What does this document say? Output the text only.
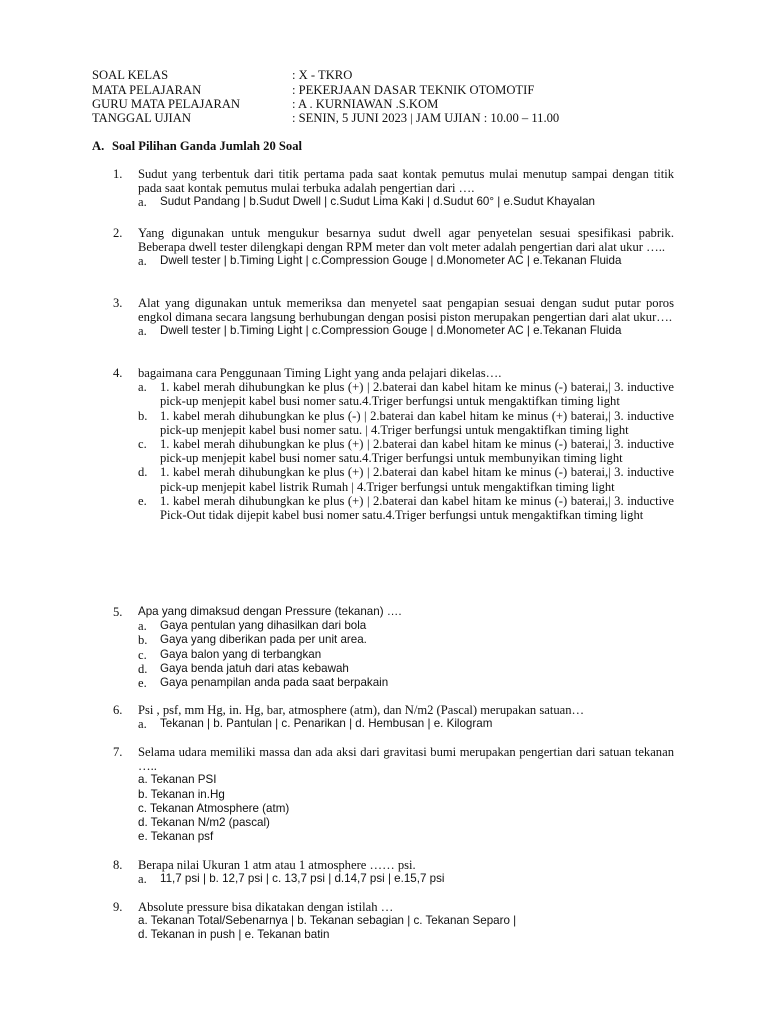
SOAL KELAS	: X - TKRO
MATA PELAJARAN	: PEKERJAAN DASAR TEKNIK OTOMOTIF
GURU MATA PELAJARAN	: A . KURNIAWAN .S.KOM
TANGGAL UJIAN	: SENIN, 5 JUNI 2023 | JAM UJIAN : 10.00 – 11.00
A. Soal Pilihan Ganda Jumlah 20 Soal
1.	Sudut yang terbentuk dari titik pertama pada saat kontak pemutus mulai menutup sampai dengan titik pada saat kontak pemutus mulai terbuka adalah pengertian dari ….
a. Sudut Pandang | b.Sudut Dwell | c.Sudut Lima Kaki | d.Sudut 60° | e.Sudut Khayalan
2.	Yang digunakan untuk mengukur besarnya sudut dwell agar penyetelan sesuai spesifikasi pabrik. Beberapa dwell tester dilengkapi dengan RPM meter dan volt meter adalah pengertian dari alat ukur …..
a. Dwell tester | b.Timing Light | c.Compression Gouge | d.Monometer AC | e.Tekanan Fluida
3.	Alat yang digunakan untuk memeriksa dan menyetel saat pengapian sesuai dengan sudut putar poros engkol dimana secara langsung berhubungan dengan posisi piston merupakan pengertian dari alat ukur….
a. Dwell tester | b.Timing Light | c.Compression Gouge | d.Monometer AC | e.Tekanan Fluida
4.	bagaimana cara Penggunaan Timing Light yang anda pelajari dikelas….
a. 1. kabel merah dihubungkan ke plus (+) | 2.baterai dan kabel hitam ke minus (-) baterai,| 3. inductive pick-up menjepit kabel busi nomer satu.4.Triger berfungsi untuk mengaktifkan timing light
b. 1. kabel merah dihubungkan ke plus (-) | 2.baterai dan kabel hitam ke minus (+) baterai,| 3. inductive pick-up menjepit kabel busi nomer satu. | 4.Triger berfungsi untuk mengaktifkan timing light
c. 1. kabel merah dihubungkan ke plus (+) | 2.baterai dan kabel hitam ke minus (-) baterai,| 3. inductive pick-up menjepit kabel busi nomer satu.4.Triger berfungsi untuk membunyikan timing light
d. 1. kabel merah dihubungkan ke plus (+) | 2.baterai dan kabel hitam ke minus (-) baterai,| 3. inductive pick-up menjepit kabel listrik Rumah | 4.Triger berfungsi untuk mengaktifkan timing light
e. 1. kabel merah dihubungkan ke plus (+) | 2.baterai dan kabel hitam ke minus (-) baterai,| 3. inductive Pick-Out tidak dijepit kabel busi nomer satu.4.Triger berfungsi untuk mengaktifkan timing light
5.	Apa yang dimaksud dengan Pressure (tekanan) ….
a. Gaya pentulan yang dihasilkan dari bola
b. Gaya yang diberikan pada per unit area.
c. Gaya balon yang di terbangkan
d. Gaya benda jatuh dari atas kebawah
e. Gaya penampilan anda pada saat berpakain
6.	Psi , psf, mm Hg, in. Hg, bar, atmosphere (atm), dan N/m2 (Pascal) merupakan satuan…
a. Tekanan | b. Pantulan | c. Penarikan | d. Hembusan | e. Kilogram
7.	Selama udara memiliki massa dan ada aksi dari gravitasi bumi merupakan pengertian dari satuan tekanan …..
a. Tekanan PSI
b. Tekanan in.Hg
c. Tekanan Atmosphere (atm)
d. Tekanan N/m2 (pascal)
e. Tekanan psf
8.	Berapa nilai Ukuran 1 atm atau 1 atmosphere …… psi.
a. 11,7 psi | b. 12,7 psi | c. 13,7 psi | d.14,7 psi | e.15,7 psi
9.	Absolute pressure bisa dikatakan dengan istilah …
a. Tekanan Total/Sebenarnya | b. Tekanan sebagian | c. Tekanan Separo |
d. Tekanan in push | e. Tekanan batin
